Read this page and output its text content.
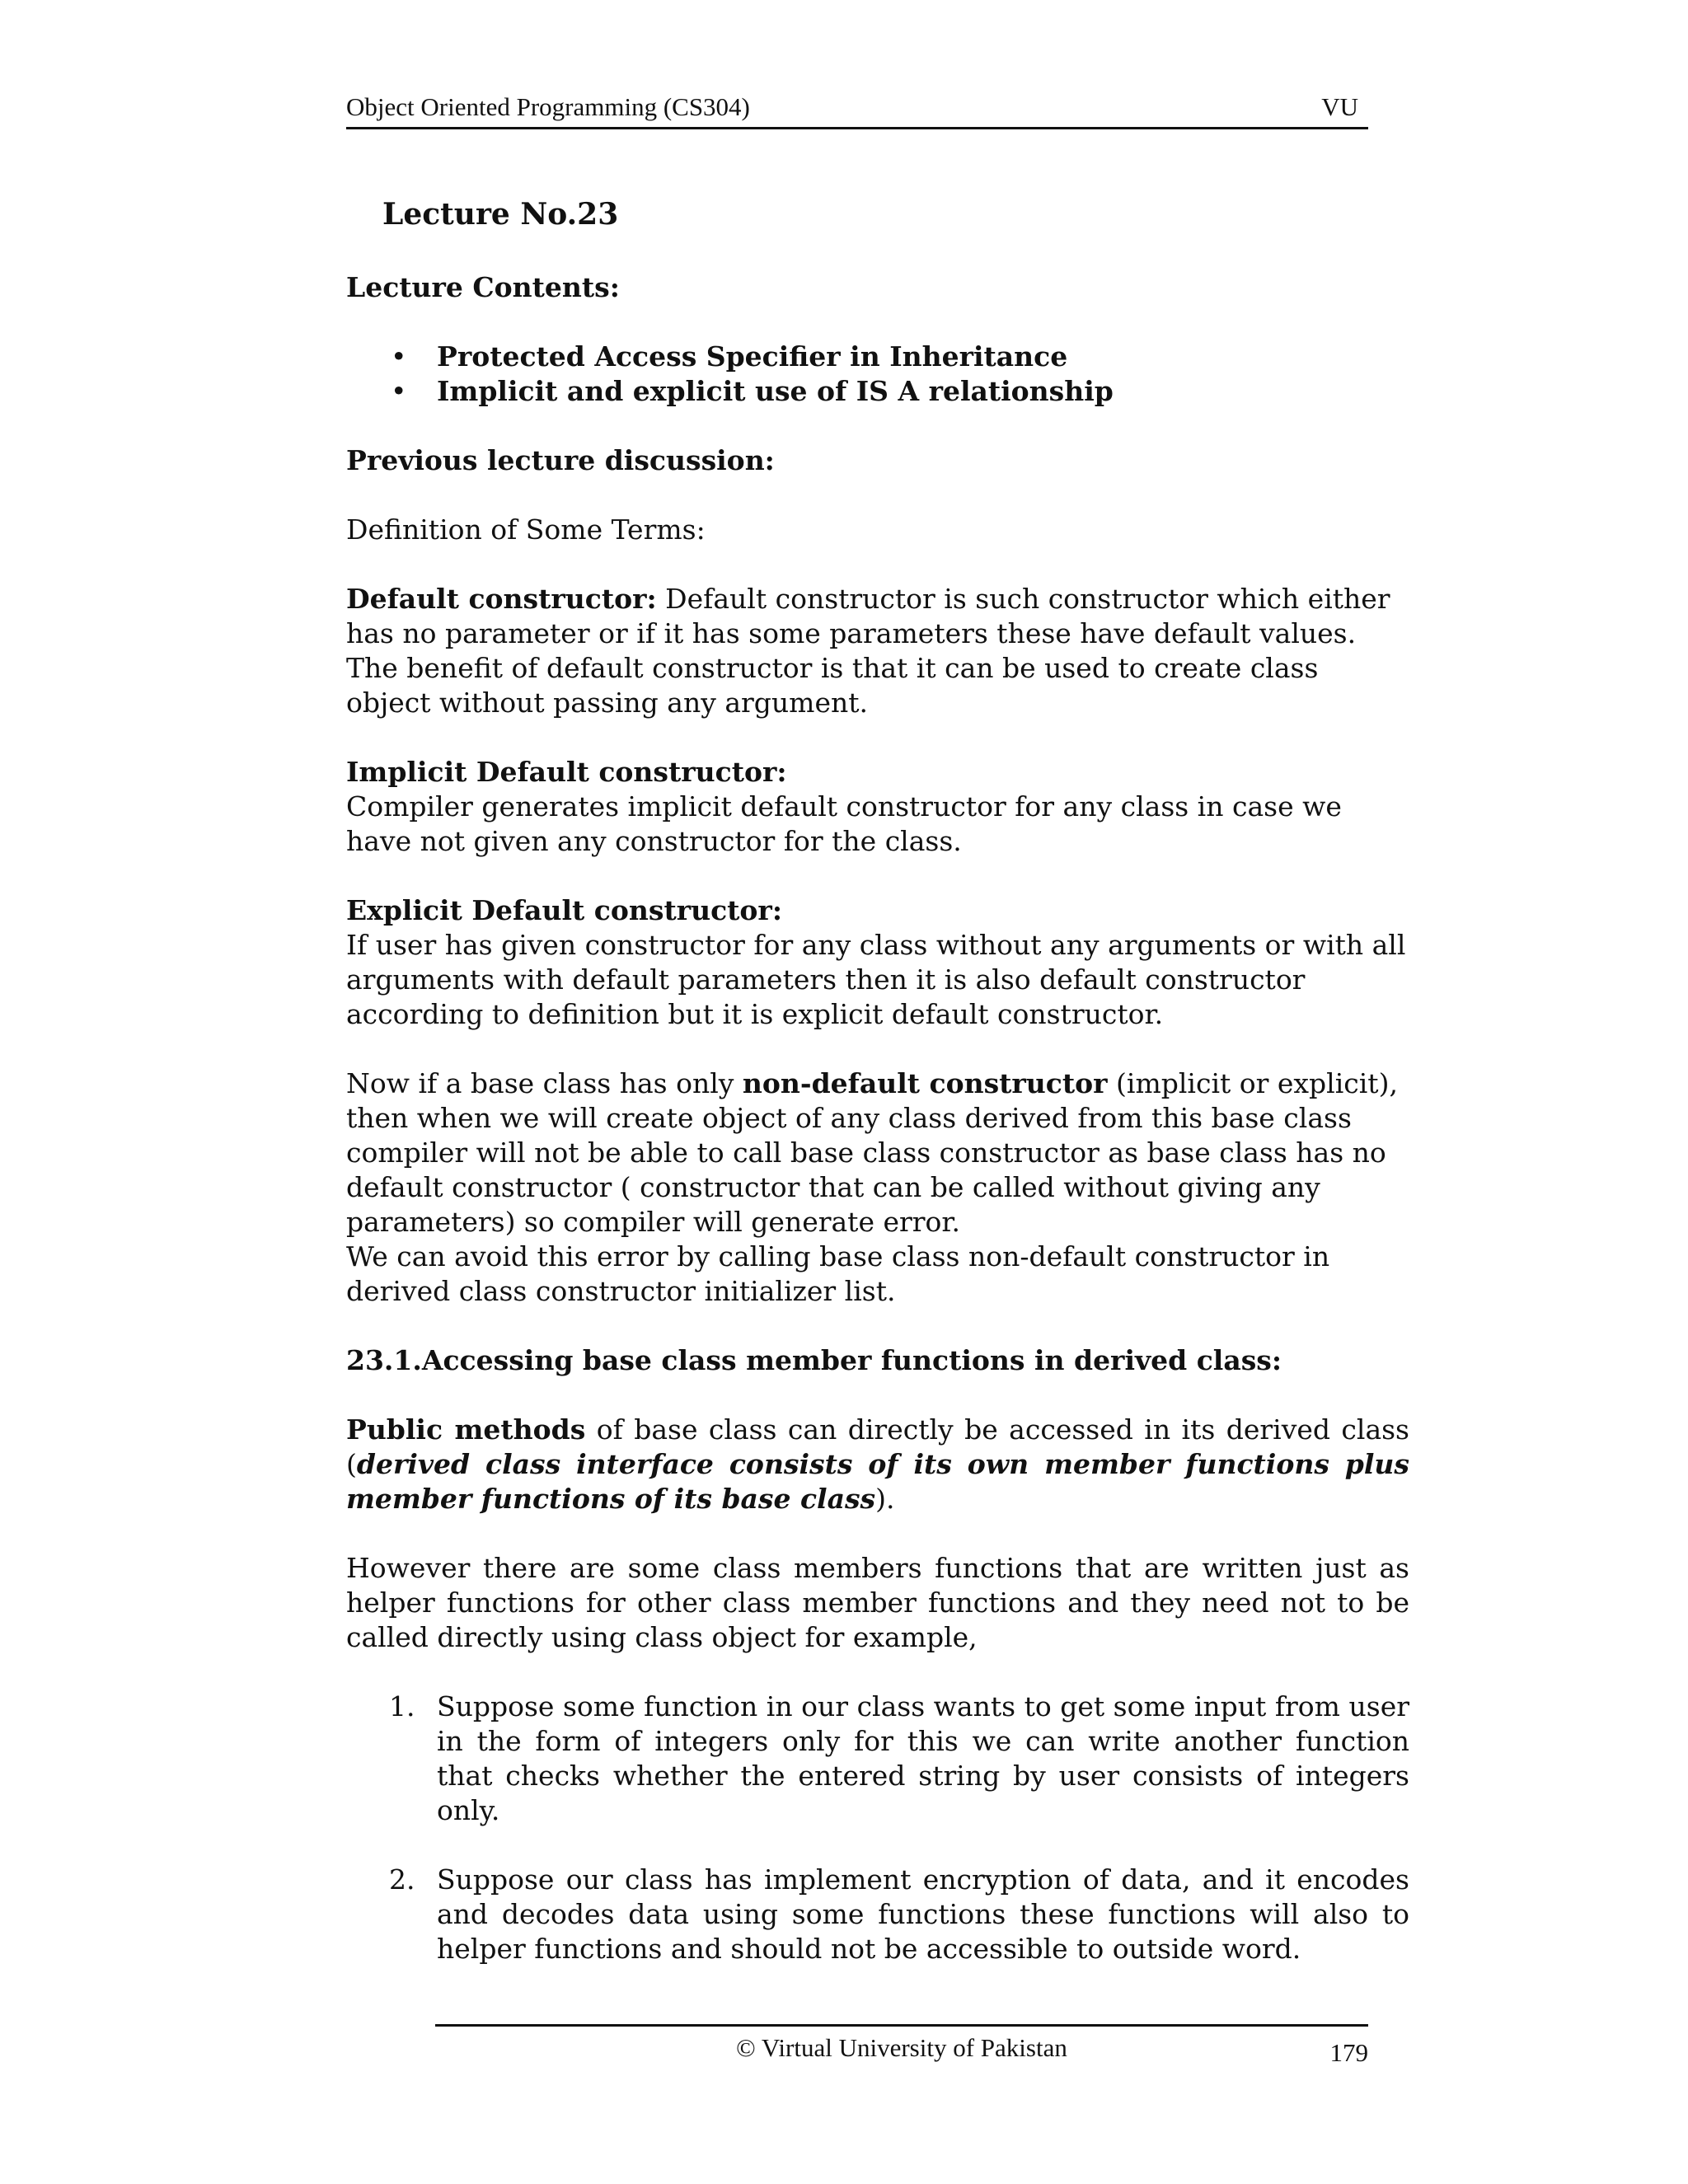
Object Oriented Programming (CS304)	VU

Lecture No.23

Lecture Contents:

• Protected Access Specifier in Inheritance
• Implicit and explicit use of IS A relationship

Previous lecture discussion:

Definition of Some Terms:

Default constructor: Default constructor is such constructor which either has no parameter or if it has some parameters these have default values. The benefit of default constructor is that it can be used to create class object without passing any argument.

Implicit Default constructor:

Compiler generates implicit default constructor for any class in case we have not given any constructor for the class.

Explicit Default constructor:

If user has given constructor for any class without any arguments or with all arguments with default parameters then it is also default constructor according to definition but it is explicit default constructor.

Now if a base class has only non-default constructor (implicit or explicit), then when we will create object of any class derived from this base class compiler will not be able to call base class constructor as base class has no default constructor ( constructor that can be called without giving any parameters) so compiler will generate error.

We can avoid this error by calling base class non-default constructor in derived class constructor initializer list.

23.1.Accessing base class member functions in derived class:

Public methods of base class can directly be accessed in its derived class (derived class interface consists of its own member functions plus member functions of its base class).

However there are some class members functions that are written just as helper functions for other class member functions and they need not to be called directly using class object for example,

1. Suppose some function in our class wants to get some input from user in the form of integers only for this we can write another function that checks whether the entered string by user consists of integers only.
2. Suppose our class has implement encryption of data, and it encodes and decodes data using some functions these functions will also to helper functions and should not be accessible to outside word.
© Virtual University of Pakistan	179
